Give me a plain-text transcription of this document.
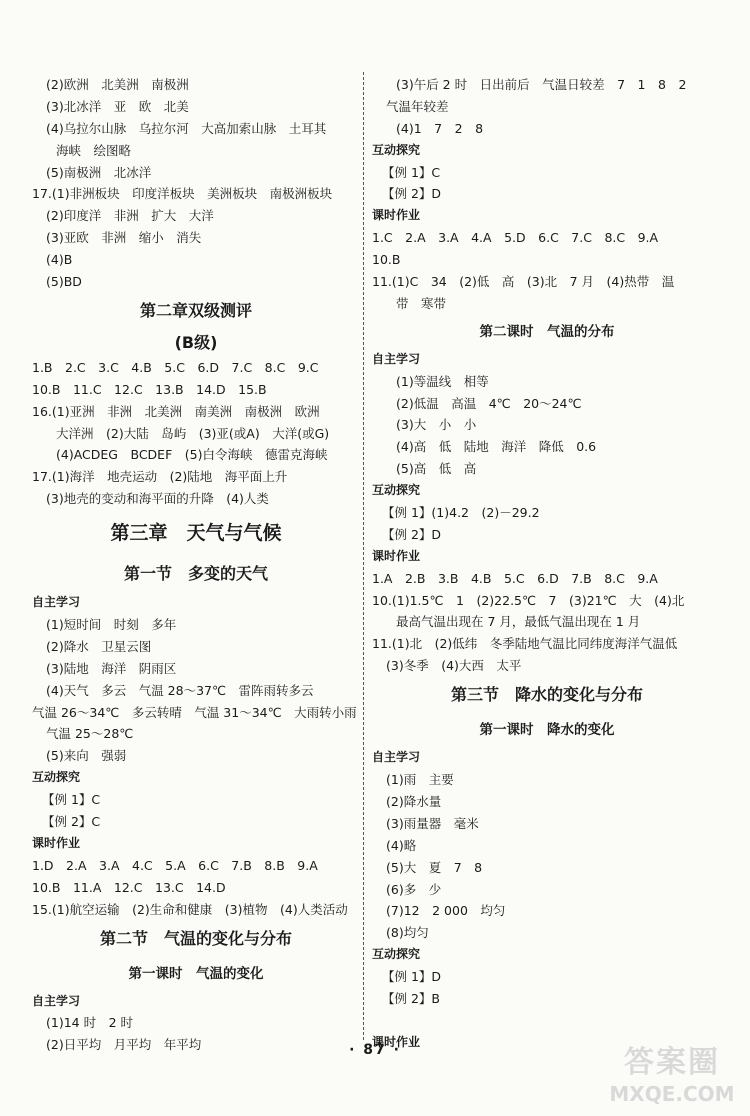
(2)欧洲　北美洲　南极洲
(3)北冰洋　亚　欧　北美
(4)乌拉尔山脉　乌拉尔河　大高加索山脉　土耳其
海峡　绘图略
(5)南极洲　北冰洋
17.(1)非洲板块　印度洋板块　美洲板块　南极洲板块
(2)印度洋　非洲　扩大　大洋
(3)亚欧　非洲　缩小　消失
(4)B
(5)BD
第二章双级测评
(B级)
1.B　2.C　3.C　4.B　5.C　6.D　7.C　8.C　9.C
10.B　11.C　12.C　13.B　14.D　15.B
16.(1)亚洲　非洲　北美洲　南美洲　南极洲　欧洲
大洋洲　(2)大陆　岛屿　(3)亚(或A)　大洋(或G)
(4)ACDEG　BCDEF　(5)白令海峡　德雷克海峡
17.(1)海洋　地壳运动　(2)陆地　海平面上升
(3)地壳的变动和海平面的升降　(4)人类
第三章　天气与气候
第一节　多变的天气
自主学习
(1)短时间　时刻　多年
(2)降水　卫星云图
(3)陆地　海洋　阴雨区
(4)天气　多云　气温 28～37℃　雷阵雨转多云
气温 26～34℃　多云转晴　气温 31～34℃　大雨转小雨
气温 25～28℃
(5)来向　强弱
互动探究
【例 1】C
【例 2】C
课时作业
1.D　2.A　3.A　4.C　5.A　6.C　7.B　8.B　9.A
10.B　11.A　12.C　13.C　14.D
15.(1)航空运输　(2)生命和健康　(3)植物　(4)人类活动
第二节　气温的变化与分布
第一课时　气温的变化
自主学习
(1)14 时　2 时
(2)日平均　月平均　年平均
(3)午后 2 时　日出前后　气温日较差　7　1　8　2
气温年较差
(4)1　7　2　8
互动探究
【例 1】C
【例 2】D
课时作业
1.C　2.A　3.A　4.A　5.D　6.C　7.C　8.C　9.A
10.B
11.(1)C　34　(2)低　高　(3)北　7 月　(4)热带　温
带　寒带
第二课时　气温的分布
自主学习
(1)等温线　相等
(2)低温　高温　4℃　20～24℃
(3)大　小　小
(4)高　低　陆地　海洋　降低　0.6
(5)高　低　高
互动探究
【例 1】(1)4.2　(2)－29.2
【例 2】D
课时作业
1.A　2.B　3.B　4.B　5.C　6.D　7.B　8.C　9.A
10.(1)1.5℃　1　(2)22.5℃　7　(3)21℃　大　(4)北
最高气温出现在 7 月，最低气温出现在 1 月
11.(1)北　(2)低纬　冬季陆地气温比同纬度海洋气温低
(3)冬季　(4)大西　太平
第三节　降水的变化与分布
第一课时　降水的变化
自主学习
(1)雨　主要
(2)降水量
(3)雨量器　毫米
(4)略
(5)大　夏　7　8
(6)多　少
(7)12　2 000　均匀
(8)均匀
互动探究
【例 1】D
【例 2】B
课时作业
· 87 ·	答案圈
MXQE.COM
